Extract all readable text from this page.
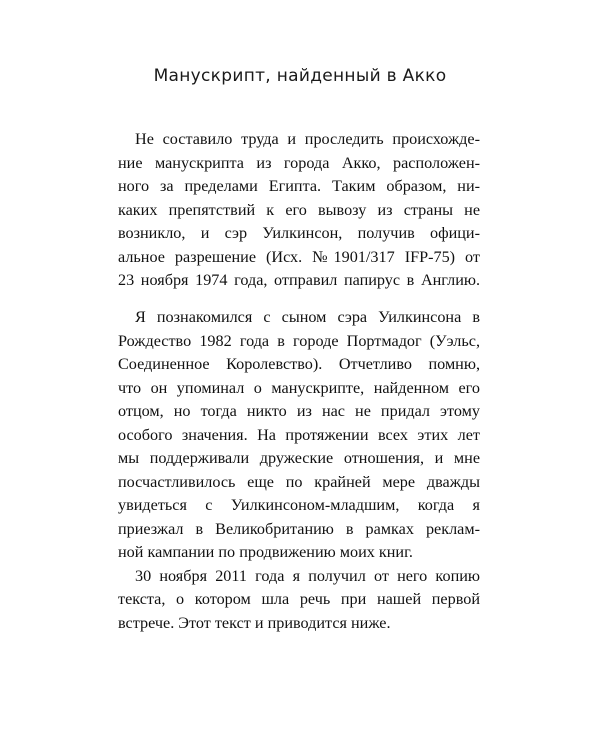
Манускрипт, найденный в Акко
Не составило труда и проследить происхожде-
ние манускрипта из города Акко, расположен-
ного за пределами Египта. Таким образом, ни-
каких препятствий к его вывозу из страны не
возникло, и сэр Уилкинсон, получив офици-
альное разрешение (Исх. №1901/317 IFP-75) от
23 ноября 1974 года, отправил папирус в Англию.
Я познакомился с сыном сэра Уилкинсона в
Рождество 1982 года в городе Портмадог (Уэльс,
Соединенное Королевство). Отчетливо помню,
что он упоминал о манускрипте, найденном его
отцом, но тогда никто из нас не придал этому
особого значения. На протяжении всех этих лет
мы поддерживали дружеские отношения, и мне
посчастливилось еще по крайней мере дважды
увидеться с Уилкинсоном-младшим, когда я
приезжал в Великобританию в рамках реклам-
ной кампании по продвижению моих книг.
30 ноября 2011 года я получил от него копию
текста, о котором шла речь при нашей первой
встрече. Этот текст и приводится ниже.
